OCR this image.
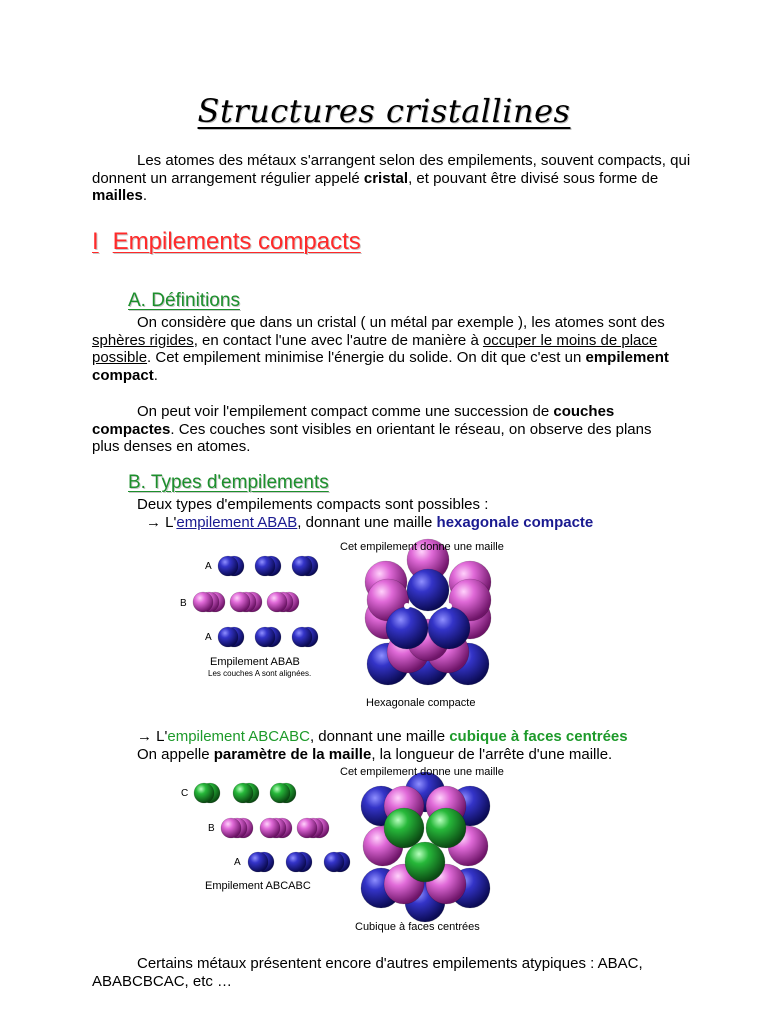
Structures cristallines

Les atomes des métaux s'arrangent selon des empilements, souvent compacts, qui donnent un arrangement régulier appelé cristal, et pouvant être divisé sous forme de mailles.

I Empilements compacts
A. Définitions

On considère que dans un cristal ( un métal par exemple ), les atomes sont des sphères rigides, en contact l'une avec l'autre de manière à occuper le moins de place possible. Cet empilement minimise l'énergie du solide. On dit que c'est un empilement compact.

On peut voir l'empilement compact comme une succession de couches compactes. Ces couches sont visibles en orientant le réseau, on observe des plans plus denses en atomes.

B. Types d'empilements

Deux types d'empilements compacts sont possibles :

→ L'empilement ABAB, donnant une maille hexagonale compacte

A
B
A
Empilement ABAB
Les couches A sont alignées.
Cet empilement donne une maille
Hexagonale compacte

→ L'empilement ABCABC, donnant une maille cubique à faces centrées

On appelle paramètre de la maille, la longueur de l'arrête d'une maille.

C
B
A
Empilement ABCABC
Cet empilement donne une maille
Cubique à faces centrées

Certains métaux présentent encore d'autres empilements atypiques : ABAC, ABABCBCAC, etc …
